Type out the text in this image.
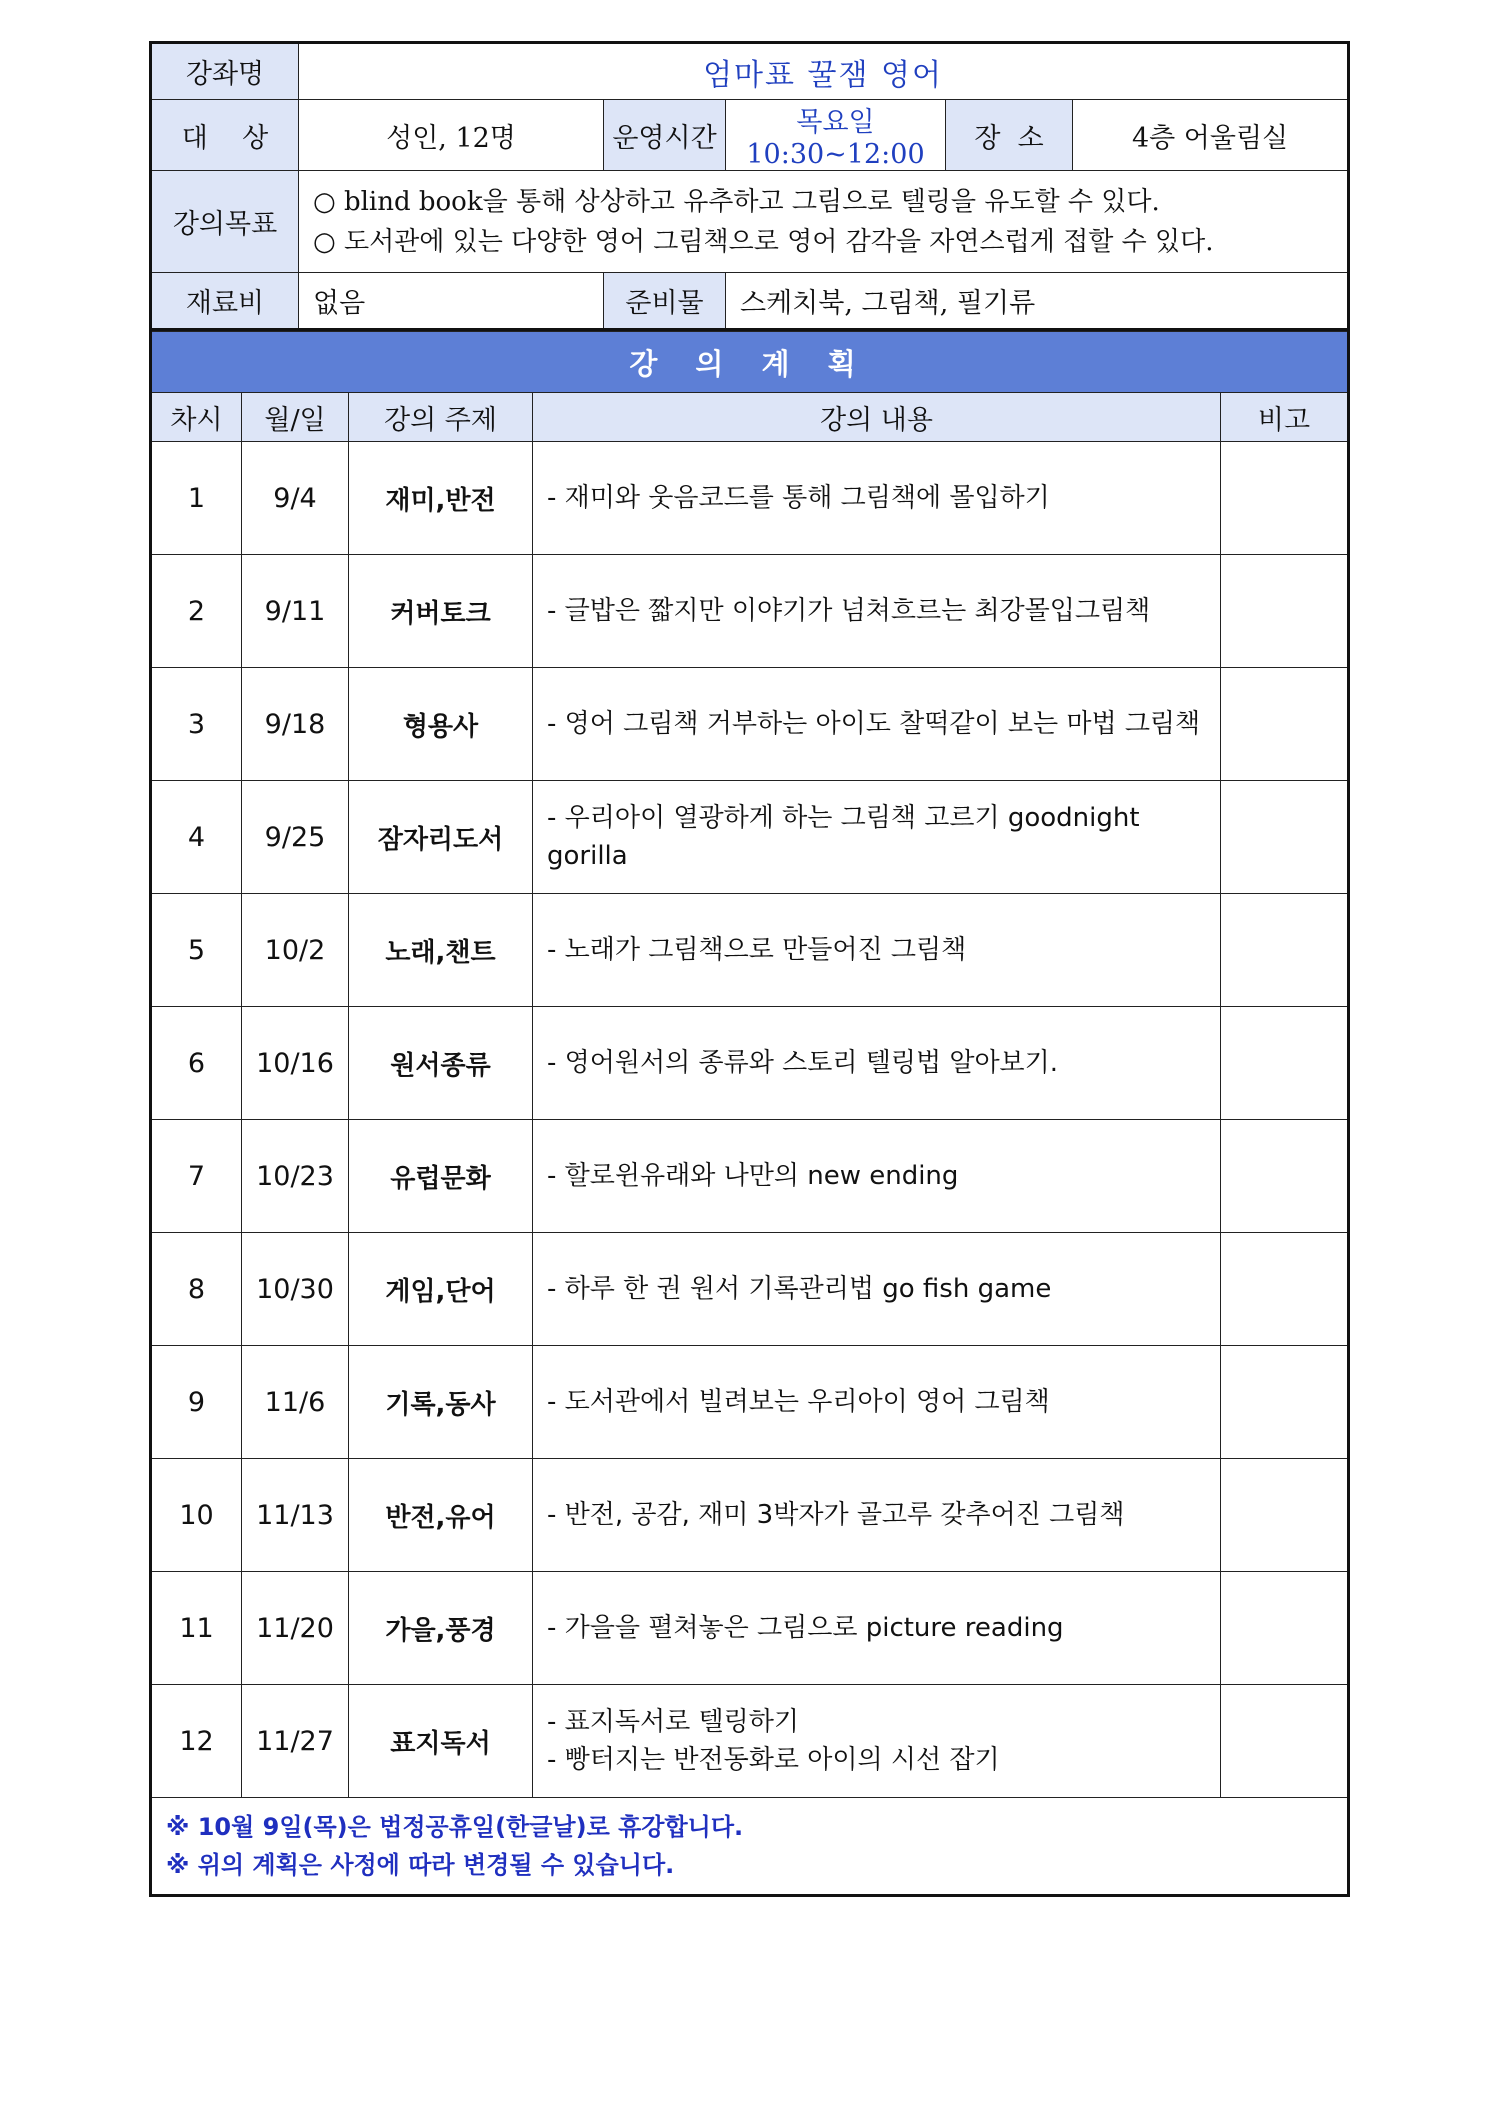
강좌명	엄마표 꿀잼 영어				
대    상	성인, 12명	운영시간	목요일 10:30~12:00	장  소	4층 어울림실
강의목표	○ blind book을 통해 상상하고 유추하고 그림으로 텔링을 유도할 수 있다.
○ 도서관에 있는 다양한 영어 그림책으로 영어 감각을 자연스럽게 접할 수 있다.				

재료비	없음	준비물	스케치북, 그림책, 필기류		
강 의 계 획				
차시	월/일	강의 주제	강의 내용	비고
1	9/4	재미,반전	- 재미와 웃음코드를 통해 그림책에 몰입하기	

2	9/11	커버토크	- 글밥은 짧지만 이야기가 넘쳐흐르는 최강몰입그림책	

3	9/18	형용사	- 영어 그림책 거부하는 아이도 찰떡같이 보는 마법 그림책	

4	9/25	잠자리도서	- 우리아이 열광하게 하는 그림책 고르기 goodnight gorilla	

5	10/2	노래,챈트	- 노래가 그림책으로 만들어진 그림책	

6	10/16	원서종류	- 영어원서의 종류와 스토리 텔링법 알아보기.	

7	10/23	유럽문화	- 할로윈유래와 나만의 new ending	

8	10/30	게임,단어	- 하루 한 권 원서 기록관리법 go fish game	

9	11/6	기록,동사	- 도서관에서 빌려보는 우리아이 영어 그림책	

10	11/13	반전,유어	- 반전, 공감, 재미 3박자가 골고루 갖추어진 그림책	

11	11/20	가을,풍경	- 가을을 펼쳐놓은 그림으로 picture reading	

12	11/27	표지독서	- 표지독서로 텔링하기
- 빵터지는 반전동화로 아이의 시선 잡기	

※ 10월 9일(목)은 법정공휴일(한글날)로 휴강합니다.
※ 위의 계획은 사정에 따라 변경될 수 있습니다.				
